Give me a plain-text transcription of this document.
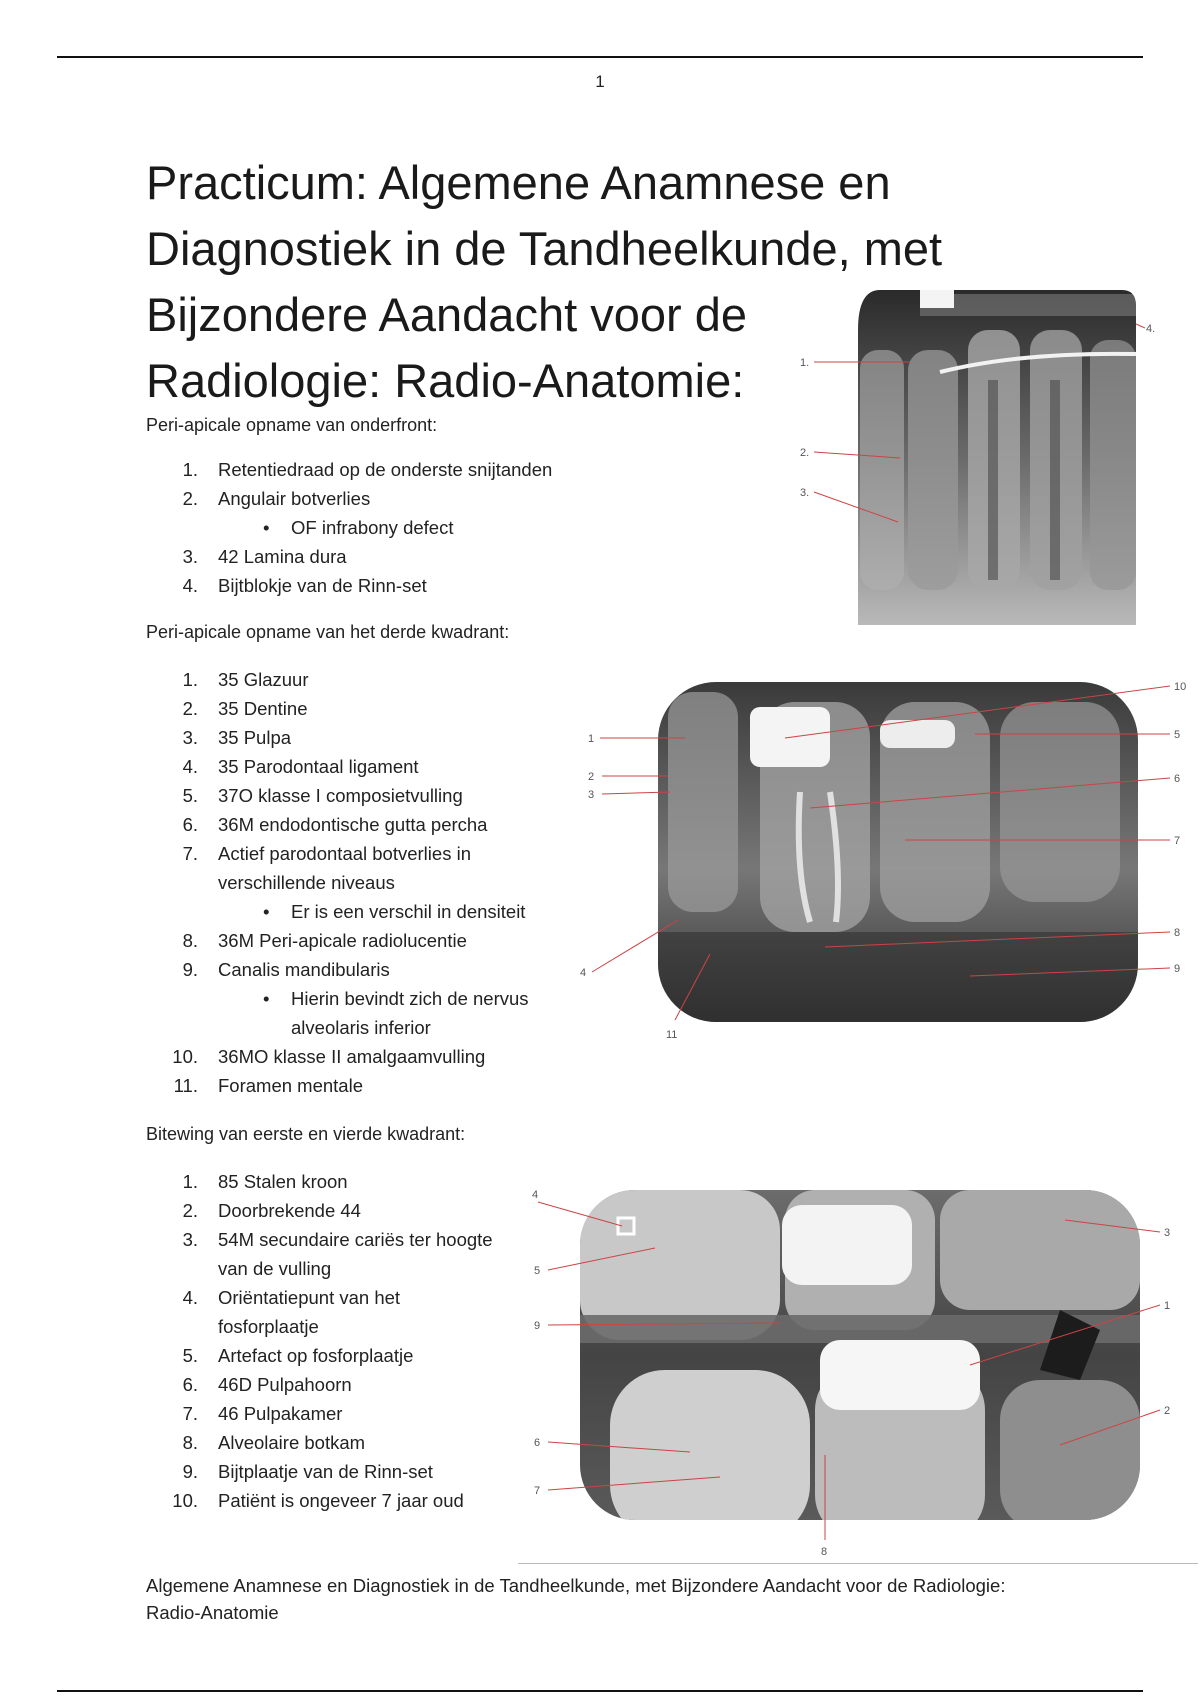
1
Practicum: Algemene Anamnese en Diagnostiek in de Tandheelkunde, met Bijzondere Aandacht voor de Radiologie: Radio-Anatomie:

Peri-apicale opname van onderfront:

1. Retentiedraad op de onderste snijtanden
2. Angulair botverlies
• OF infrabony defect
3. 42 Lamina dura
4. Bijtblokje van de Rinn-set
1.
2.
3.
4.

Peri-apicale opname van het derde kwadrant:

1. 35 Glazuur
2. 35 Dentine
3. 35 Pulpa
4. 35 Parodontaal ligament
5. 37O klasse I composietvulling
6. 36M endodontische gutta percha
7. Actief parodontaal botverlies in verschillende niveaus
• Er is een verschil in densiteit
8. 36M Peri-apicale radiolucentie
9. Canalis mandibularis
• Hierin bevindt zich de nervus alveolaris inferior
10. 36MO klasse II amalgaamvulling
11. Foramen mentale
1
2
3
4
5
6
7
8
9
10
11

Bitewing van eerste en vierde kwadrant:

1. 85 Stalen kroon
2. Doorbrekende 44
3. 54M secundaire cariës ter hoogte van de vulling
4. Oriëntatiepunt van het fosforplaatje
5. Artefact op fosforplaatje
6. 46D Pulpahoorn
7. 46 Pulpakamer
8. Alveolaire botkam
9. Bijtplaatje van de Rinn-set
10. Patiënt is ongeveer 7 jaar oud
1
2
3
4
5
6
7
8
9

Algemene Anamnese en Diagnostiek in de Tandheelkunde, met Bijzondere Aandacht voor de Radiologie: Radio-Anatomie
